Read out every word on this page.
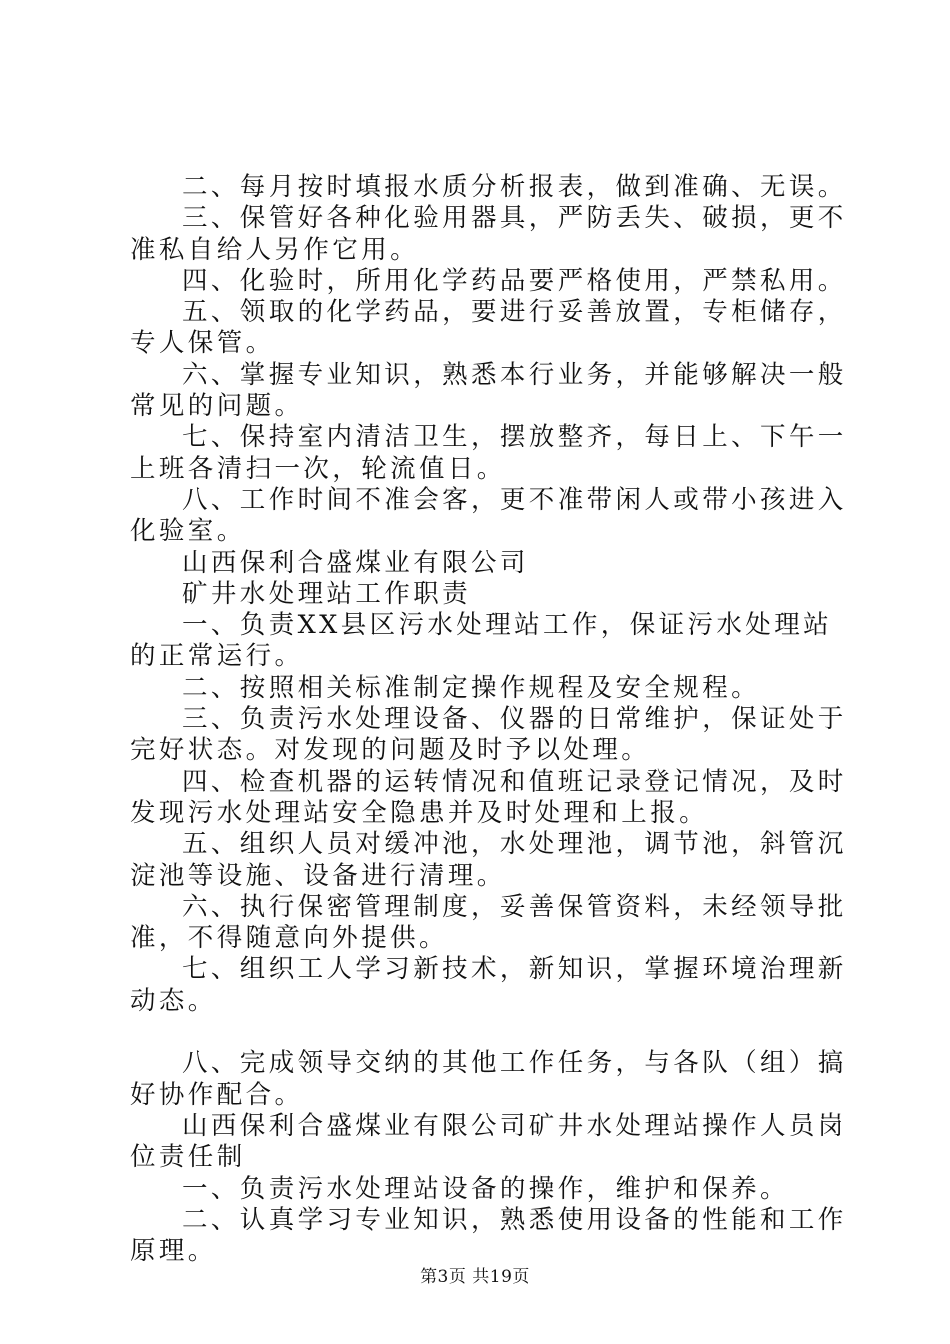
二、每月按时填报水质分析报表，做到准确、无误。

三、保管好各种化验用器具，严防丢失、破损，更不准私自给人另作它用。

四、化验时，所用化学药品要严格使用，严禁私用。

五、领取的化学药品，要进行妥善放置，专柜储存，专人保管。

六、掌握专业知识，熟悉本行业务，并能够解决一般常见的问题。

七、保持室内清洁卫生，摆放整齐，每日上、下午一上班各清扫一次，轮流值日。

八、工作时间不准会客，更不准带闲人或带小孩进入化验室。

山西保利合盛煤业有限公司

矿井水处理站工作职责

一、负责XX县区污水处理站工作，保证污水处理站的正常运行。

二、按照相关标准制定操作规程及安全规程。

三、负责污水处理设备、仪器的日常维护，保证处于完好状态。对发现的问题及时予以处理。

四、检查机器的运转情况和值班记录登记情况，及时发现污水处理站安全隐患并及时处理和上报。

五、组织人员对缓冲池，水处理池，调节池，斜管沉淀池等设施、设备进行清理。

六、执行保密管理制度，妥善保管资料，未经领导批准，不得随意向外提供。

七、组织工人学习新技术，新知识，掌握环境治理新动态。

八、完成领导交纳的其他工作任务，与各队（组）搞好协作配合。

山西保利合盛煤业有限公司矿井水处理站操作人员岗位责任制

一、负责污水处理站设备的操作，维护和保养。

二、认真学习专业知识，熟悉使用设备的性能和工作原理。

第3页 共19页
